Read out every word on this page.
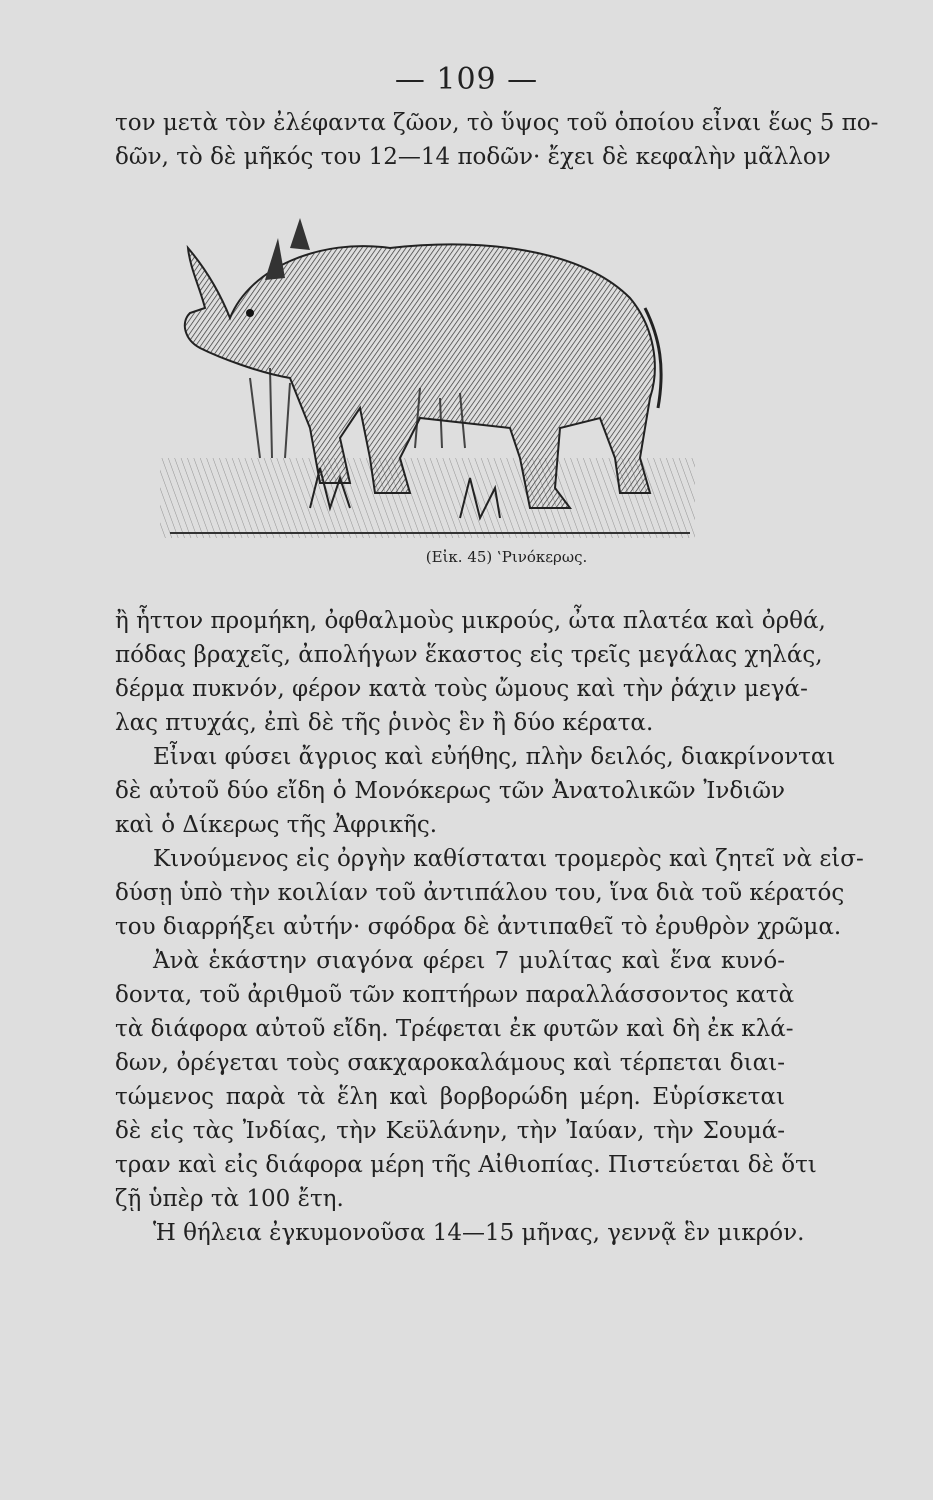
— 109 —
τον μετὰ τὸν ἐλέφαντα ζῶον, τὸ ὕψος τοῦ ὁποίου εἶναι ἕως 5 πο-
δῶν, τὸ δὲ μῆκός του 12—14 ποδῶν· ἔχει δὲ κεφαλὴν μᾶλλον
(Εἰκ. 45) ‛Ρινόκερως.
ἢ ἧττον προμήκη, ὀφθαλμοὺς μικρούς, ὦτα πλατέα καὶ ὀρθά,
πόδας βραχεῖς, ἀπολήγων ἕκαστος εἰς τρεῖς μεγάλας χηλάς,
δέρμα πυκνόν, φέρον κατὰ τοὺς ὤμους καὶ τὴν ῥάχιν μεγά-
λας πτυχάς, ἐπὶ δὲ τῆς ῥινὸς ἓν ἢ δύο κέρατα.
Εἶναι φύσει ἄγριος καὶ εὐήθης, πλὴν δειλός, διακρίνονται
δὲ αὐτοῦ δύο εἴδη ὁ Μονόκερως τῶν Ἀνατολικῶν Ἰνδιῶν
καὶ ὁ Δίκερως τῆς Ἀφρικῆς.
Κινούμενος εἰς ὀργὴν καθίσταται τρομερὸς καὶ ζητεῖ νὰ εἰσ-
δύσῃ ὑπὸ τὴν κοιλίαν τοῦ ἀντιπάλου του, ἵνα διὰ τοῦ κέρατός
του διαρρήξει αὐτήν· σφόδρα δὲ ἀντιπαθεῖ τὸ ἐρυθρὸν χρῶμα.
Ἀνὰ ἑκάστην σιαγόνα φέρει 7 μυλίτας καὶ ἕνα κυνό-
δοντα, τοῦ ἀριθμοῦ τῶν κοπτήρων παραλλάσσοντος κατὰ
τὰ διάφορα αὐτοῦ εἴδη. Τρέφεται ἐκ φυτῶν καὶ δὴ ἐκ κλά-
δων, ὀρέγεται τοὺς σακχαροκαλάμους καὶ τέρπεται διαι-
τώμενος παρὰ τὰ ἕλη καὶ βορβορώδη μέρη. Εὑρίσκεται
δὲ εἰς τὰς Ἰνδίας, τὴν Κεϋλάνην, τὴν Ἰαύαν, τὴν Σουμά-
τραν καὶ εἰς διάφορα μέρη τῆς Αἰθιοπίας. Πιστεύεται δὲ ὅτι
ζῇ ὑπὲρ τὰ 100 ἔτη.
Ἡ θήλεια ἐγκυμονοῦσα 14—15 μῆνας, γεννᾷ ἓν μικρόν.
